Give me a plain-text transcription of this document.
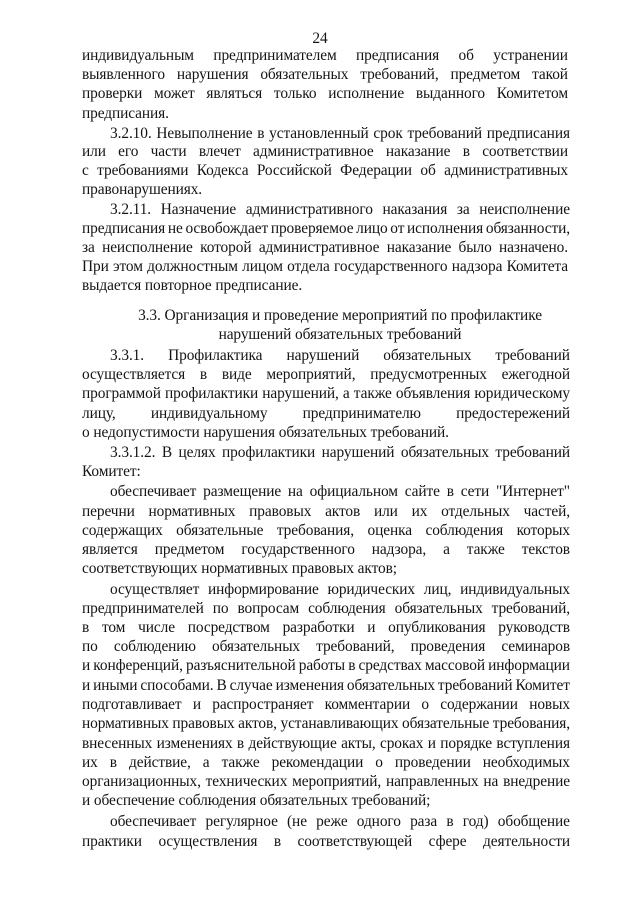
24
индивидуальным предпринимателем предписания об устранении
выявленного нарушения обязательных требований, предметом такой
проверки может являться только исполнение выданного Комитетом
предписания.
3.2.10. Невыполнение в установленный срок требований предписания
или его части влечет административное наказание в соответствии
с требованиями Кодекса Российской Федерации об административных
правонарушениях.
3.2.11. Назначение административного наказания за неисполнение
предписания не освобождает проверяемое лицо от исполнения обязанности,
за неисполнение которой административное наказание было назначено.
При этом должностным лицом отдела государственного надзора Комитета
выдается повторное предписание.
3.3. Организация и проведение мероприятий по профилактике
нарушений обязательных требований
3.3.1. Профилактика нарушений обязательных требований
осуществляется в виде мероприятий, предусмотренных ежегодной
программой профилактики нарушений, а также объявления юридическому
лицу, индивидуальному предпринимателю предостережений
о недопустимости нарушения обязательных требований.
3.3.1.2. В целях профилактики нарушений обязательных требований
Комитет:
обеспечивает размещение на официальном сайте в сети "Интернет"
перечни нормативных правовых актов или их отдельных частей,
содержащих обязательные требования, оценка соблюдения которых
является предметом государственного надзора, а также текстов
соответствующих нормативных правовых актов;
осуществляет информирование юридических лиц, индивидуальных
предпринимателей по вопросам соблюдения обязательных требований,
в том числе посредством разработки и опубликования руководств
по соблюдению обязательных требований, проведения семинаров
и конференций, разъяснительной работы в средствах массовой информации
и иными способами. В случае изменения обязательных требований Комитет
подготавливает и распространяет комментарии о содержании новых
нормативных правовых актов, устанавливающих обязательные требования,
внесенных изменениях в действующие акты, сроках и порядке вступления
их в действие, а также рекомендации о проведении необходимых
организационных, технических мероприятий, направленных на внедрение
и обеспечение соблюдения обязательных требований;
обеспечивает регулярное (не реже одного раза в год) обобщение
практики осуществления в соответствующей сфере деятельности
